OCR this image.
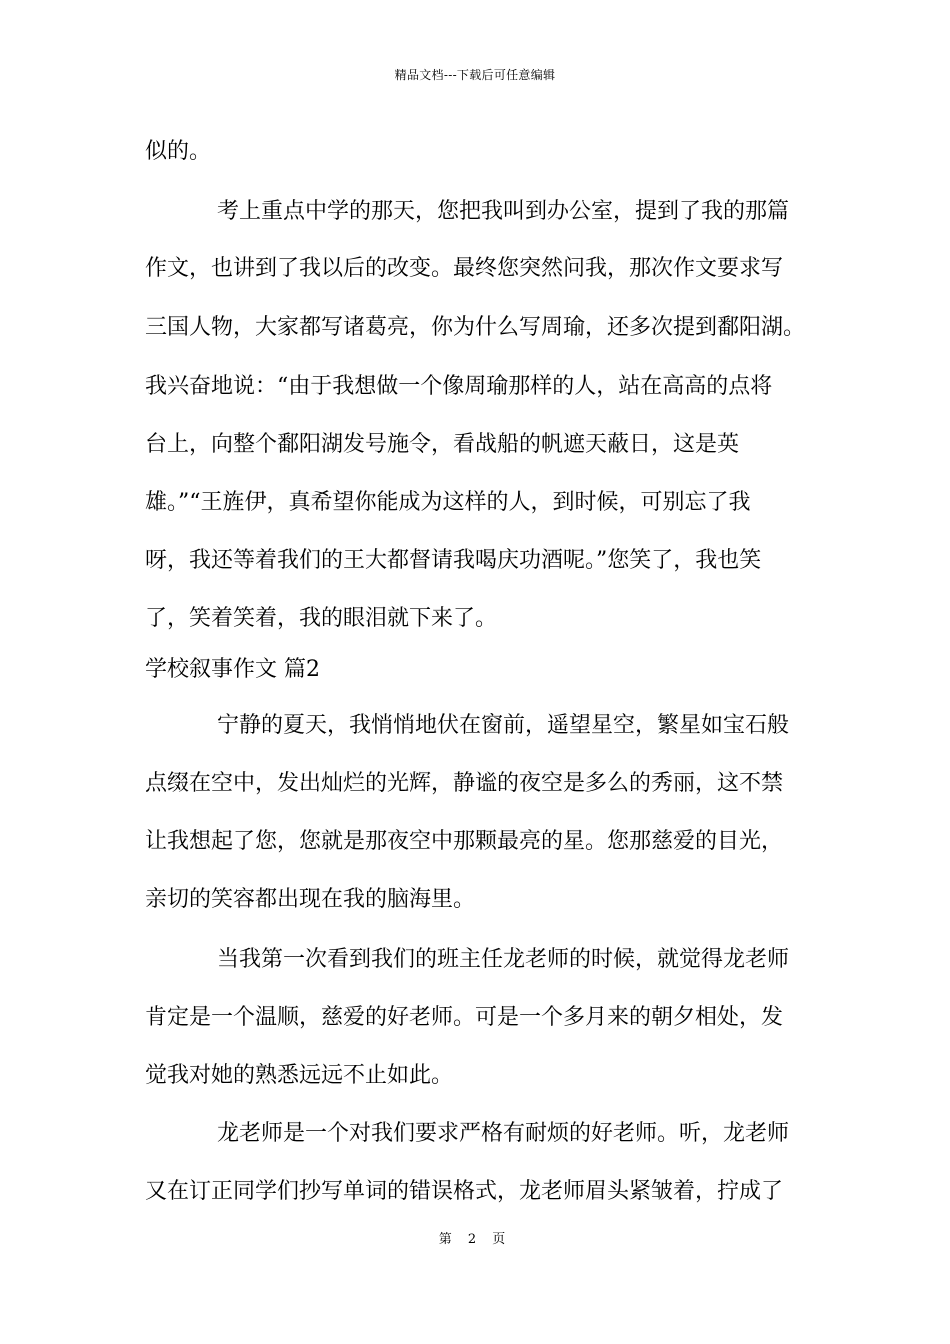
精品文档---下载后可任意编辑
似的。
考上重点中学的那天，您把我叫到办公室，提到了我的那篇
作文，也讲到了我以后的改变。最终您突然问我，那次作文要求写
三国人物，大家都写诸葛亮，你为什么写周瑜，还多次提到鄱阳湖。
我兴奋地说：“由于我想做一个像周瑜那样的人，站在高高的点将
台上，向整个鄱阳湖发号施令，看战船的帆遮天蔽日，这是英
雄。”“王旌伊，真希望你能成为这样的人，到时候，可别忘了我
呀，我还等着我们的王大都督请我喝庆功酒呢。”您笑了，我也笑
了，笑着笑着，我的眼泪就下来了。
学校叙事作文 篇2
宁静的夏天，我悄悄地伏在窗前，遥望星空，繁星如宝石般
点缀在空中，发出灿烂的光辉，静谧的夜空是多么的秀丽，这不禁
让我想起了您，您就是那夜空中那颗最亮的星。您那慈爱的目光，
亲切的笑容都出现在我的脑海里。
当我第一次看到我们的班主任龙老师的时候，就觉得龙老师
肯定是一个温顺，慈爱的好老师。可是一个多月来的朝夕相处，发
觉我对她的熟悉远远不止如此。
龙老师是一个对我们要求严格有耐烦的好老师。听，龙老师
又在订正同学们抄写单词的错误格式，龙老师眉头紧皱着，拧成了
第 2 页
